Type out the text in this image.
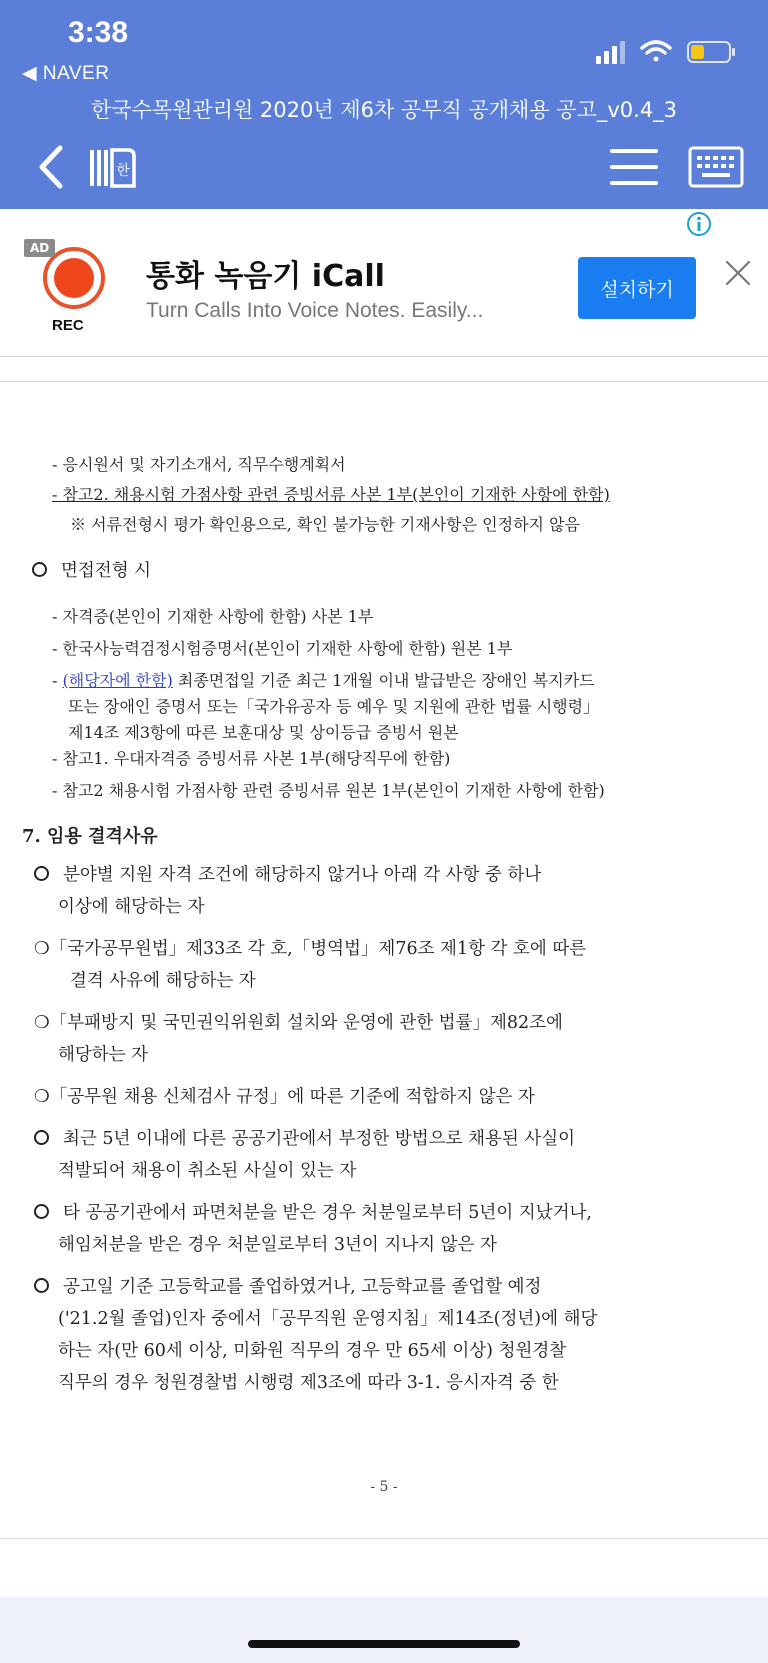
3:38
◀ NAVER
한국수목원관리원 2020년 제6차 공무직 공개채용 공고_v0.4_3
한
AD
REC
통화 녹음기 iCall
Turn Calls Into Voice Notes. Easily...
설치하기
- 응시원서 및 자기소개서, 직무수행계획서
- 참고2. 채용시험 가점사항 관련 증빙서류 사본 1부(본인이 기재한 사항에 한함)
※ 서류전형시 평가 확인용으로, 확인 불가능한 기재사항은 인정하지 않음
면접전형 시
- 자격증(본인이 기재한 사항에 한함) 사본 1부
- 한국사능력검정시험증명서(본인이 기재한 사항에 한함) 원본 1부
- (해당자에 한함) 최종면접일 기준 최근 1개월 이내 발급받은 장애인 복지카드
또는 장애인 증명서 또는「국가유공자 등 예우 및 지원에 관한 법률 시행령」
제14조 제3항에 따른 보훈대상 및 상이등급 증빙서 원본
- 참고1. 우대자격증 증빙서류 사본 1부(해당직무에 한함)
- 참고2 채용시험 가점사항 관련 증빙서류 원본 1부(본인이 기재한 사항에 한함)
7. 임용 결격사유
분야별 지원 자격 조건에 해당하지 않거나 아래 각 사항 중 하나
이상에 해당하는 자
❍「국가공무원법」제33조 각 호,「병역법」제76조 제1항 각 호에 따른
결격 사유에 해당하는 자
❍「부패방지 및 국민권익위원회 설치와 운영에 관한 법률」제82조에
해당하는 자
❍「공무원 채용 신체검사 규정」에 따른 기준에 적합하지 않은 자
최근 5년 이내에 다른 공공기관에서 부정한 방법으로 채용된 사실이
적발되어 채용이 취소된 사실이 있는 자
타 공공기관에서 파면처분을 받은 경우 처분일로부터 5년이 지났거나,
해임처분을 받은 경우 처분일로부터 3년이 지나지 않은 자
공고일 기준 고등학교를 졸업하였거나, 고등학교를 졸업할 예정
('21.2월 졸업)인자 중에서「공무직원 운영지침」제14조(정년)에 해당
하는 자(만 60세 이상, 미화원 직무의 경우 만 65세 이상) 청원경찰
직무의 경우 청원경찰법 시행령 제3조에 따라 3-1. 응시자격 중 한
- 5 -
